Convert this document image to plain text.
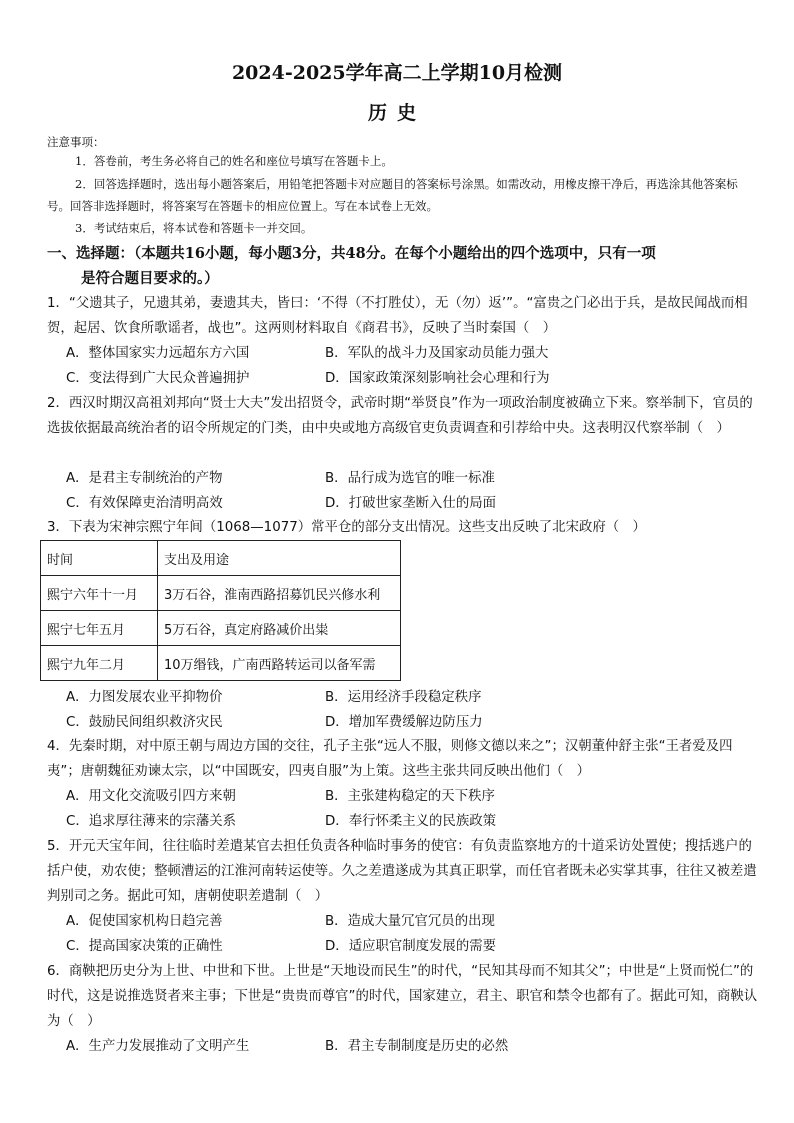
2024-2025学年高二上学期10月检测
历史
注意事项：
1．答卷前，考生务必将自己的姓名和座位号填写在答题卡上。
2．回答选择题时，选出每小题答案后，用铅笔把答题卡对应题目的答案标号涂黑。如需改动，用橡皮擦干净后，再选涂其他答案标号。回答非选择题时，将答案写在答题卡的相应位置上。写在本试卷上无效。
3．考试结束后，将本试卷和答题卡一并交回。
一、选择题：（本题共16小题，每小题3分，共48分。在每个小题给出的四个选项中，只有一项
是符合题目要求的。）
1．“父遗其子，兄遗其弟，妻遗其夫，皆曰：‘不得（不打胜仗），无（勿）返’”。“富贵之门必出于兵，是故民闻战而相贺，起居、饮食所歌谣者，战也”。这两则材料取自《商君书》，反映了当时秦国（　）
A．整体国家实力远超东方六国	B．军队的战斗力及国家动员能力强大
C．变法得到广大民众普遍拥护	D．国家政策深刻影响社会心理和行为
2．西汉时期汉高祖刘邦向“贤士大夫”发出招贤令，武帝时期“举贤良”作为一项政治制度被确立下来。察举制下，官员的选拔依据最高统治者的诏令所规定的门类，由中央或地方高级官吏负责调查和引荐给中央。这表明汉代察举制（　）
A．是君主专制统治的产物	B．品行成为选官的唯一标准
C．有效保障吏治清明高效	D．打破世家垄断入仕的局面
3．下表为宋神宗熙宁年间（1068—1077）常平仓的部分支出情况。这些支出反映了北宋政府（　）
时间	支出及用途
熙宁六年十一月	3万石谷，淮南西路招募饥民兴修水利
熙宁七年五月	5万石谷，真定府路减价出粜
熙宁九年二月	10万缗钱，广南西路转运司以备军需
A．力图发展农业平抑物价	B．运用经济手段稳定秩序
C．鼓励民间组织救济灾民	D．增加军费缓解边防压力
4．先秦时期，对中原王朝与周边方国的交往，孔子主张“远人不服，则修文德以来之”；汉朝董仲舒主张“王者爱及四夷”；唐朝魏征劝谏太宗，以“中国既安，四夷自服”为上策。这些主张共同反映出他们（　）
A．用文化交流吸引四方来朝	B．主张建构稳定的天下秩序
C．追求厚往薄来的宗藩关系	D．奉行怀柔主义的民族政策
5．开元天宝年间，往往临时差遣某官去担任负责各种临时事务的使官：有负责监察地方的十道采访处置使；搜括逃户的括户使，劝农使；整顿漕运的江淮河南转运使等。久之差遣遂成为其真正职掌，而任官者既未必实掌其事，往往又被差遣判别司之务。据此可知，唐朝使职差遣制（　）
A．促使国家机构日趋完善	B．造成大量冗官冗员的出现
C．提高国家决策的正确性	D．适应职官制度发展的需要
6．商鞅把历史分为上世、中世和下世。上世是“天地设而民生”的时代，“民知其母而不知其父”；中世是“上贤而悦仁”的时代，这是说推选贤者来主事；下世是“贵贵而尊官”的时代，国家建立，君主、职官和禁令也都有了。据此可知，商鞅认为（　）
A．生产力发展推动了文明产生	B．君主专制制度是历史的必然
